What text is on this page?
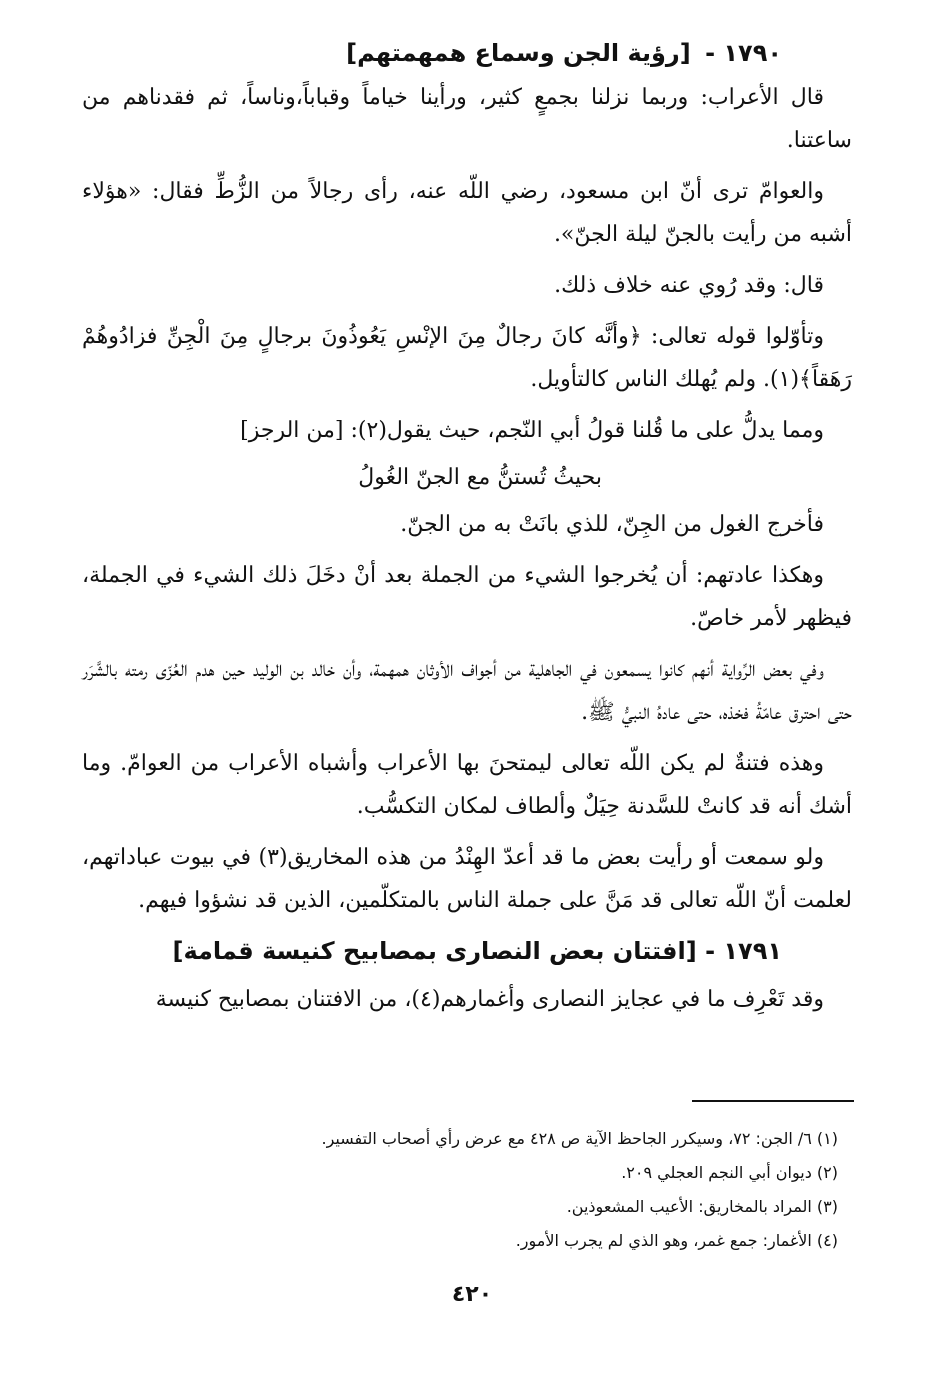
١٧٩٠ - [رؤية الجن وسماع همهمتهم]

قال الأعراب: وربما نزلنا بجمعٍ كثير، ورأينا خياماً وقباباً،وناساً، ثم فقدناهم من ساعتنا.

والعوامّ ترى أنّ ابن مسعود، رضي اللّه عنه، رأى رجالاً من الزُّطِّ فقال: «هؤلاء أشبه من رأيت بالجنّ ليلة الجنّ».

قال: وقد رُوي عنه خلاف ذلك.

وتأوّلوا قوله تعالى: ﴿وأنَّه كانَ رجالٌ مِنَ الإنْسِ يَعُوذُونَ برجالٍ مِنَ الْجِنِّ فزادُوهُمْ رَهَقاً﴾(١). ولم يُهلك الناس كالتأويل.

ومما يدلُّ على ما قُلنا قولُ أبي النّجم، حيث يقول(٢): [من الرجز]

بحيثُ تُستنُّ مع الجنّ الغُولُ

فأخرج الغول من الجِنّ، للذي بانَتْ به من الجنّ.

وهكذا عادتهم: أن يُخرجوا الشيء من الجملة بعد أنْ دخَلَ ذلك الشيء في الجملة، فيظهر لأمر خاصّ.

وفي بعض الرِّواية أنهم كانوا يسمعون في الجاهلية من أجواف الأوثان همهمة، وأن خالد بن الوليد حين هدم العُزّى رمته بالشَّرَر حتى احترق عامّةُ فخذه، حتى عادهُ النبيُّ ﷺ.

وهذه فتنةٌ لم يكن اللّه تعالى ليمتحنَ بها الأعراب وأشباه الأعراب من العوامّ. وما أشك أنه قد كانتْ للسَّدنة حِيَلٌ وألطاف لمكان التكسُّب.

ولو سمعت أو رأيت بعض ما قد أعدّ الهِنْدُ من هذه المخاريق(٣) في بيوت عباداتهم، لعلمت أنّ اللّه تعالى قد مَنَّ على جملة الناس بالمتكلّمين، الذين قد نشؤوا فيهم.

١٧٩١ - [افتتان بعض النصارى بمصابيح كنيسة قمامة]

وقد تَعْرِف ما في عجايز النصارى وأغمارهم(٤)، من الافتنان بمصابيح كنيسة

(١) ٦/ الجن: ٧٢، وسيكرر الجاحظ الآية ص ٤٢٨ مع عرض رأي أصحاب التفسير.

(٢) ديوان أبي النجم العجلي ٢٠٩.

(٣) المراد بالمخاريق: الأعيب المشعوذين.

(٤) الأغمار: جمع غمر، وهو الذي لم يجرب الأمور.

٤٢٠
